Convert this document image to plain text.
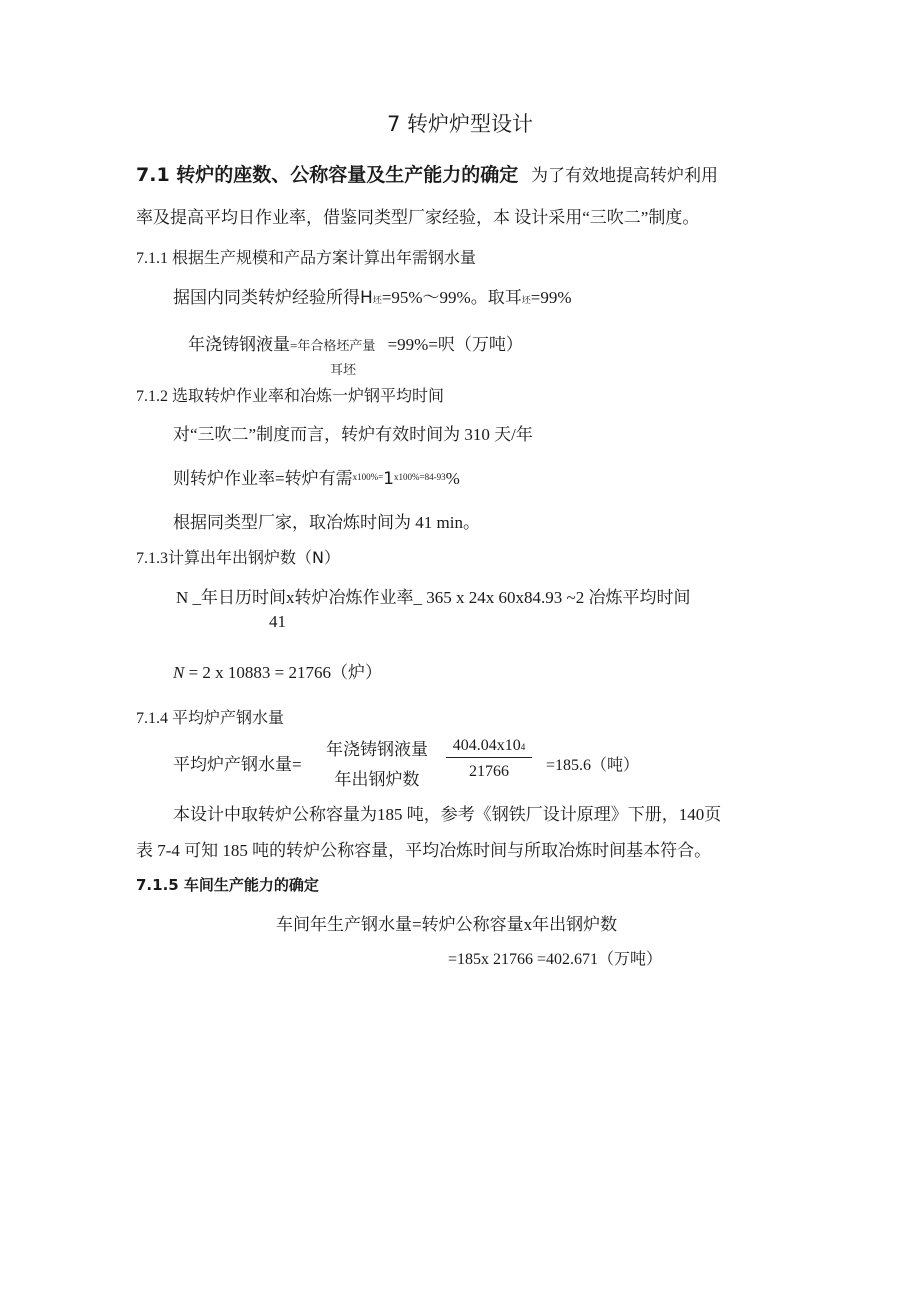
7 转炉炉型设计
7.1 转炉的座数、公称容量及生产能力的确定 为了有效地提高转炉利用
率及提高平均日作业率，借鉴同类型厂家经验，本 设计采用“三吹二”制度。
7.1.1 根据生产规模和产品方案计算出年需钢水量
据国内同类转炉经验所得H坯=95%〜99%。取耳坯=99%
年浇铸钢液量=年合格坯产量 =99%=呎（万吨）
耳坯
7.1.2 选取转炉作业率和冶炼一炉钢平均时间
对“三吹二”制度而言，转炉有效时间为 310 天/年
则转炉作业率=转炉有需$^{x100\%=}1^{x100\%=84-93}\%$
根据同类型厂家，取冶炼时间为 41 min。
7.1.3计算出年出钢炉数（N）
N _年日历时间x转炉冶炼作业率_ 365 x 24x 60x84.93 ~2 冶炼平均时间
41
N = 2 x 10883 = 21766（炉）
7.1.4 平均炉产钢水量
平均炉产钢水量=
年浇铸钢液量
年出钢炉数	$\frac{404.04x104}{21766} =185.6$（吨）
本设计中取转炉公称容量为185 吨，参考《钢铁厂设计原理》下册，140页
表 7-4 可知 185 吨的转炉公称容量，平均冶炼时间与所取冶炼时间基本符合。
7.1.5 车间生产能力的确定
车间年生产钢水量=转炉公称容量x年出钢炉数
=185x 21766 =402.671（万吨）
